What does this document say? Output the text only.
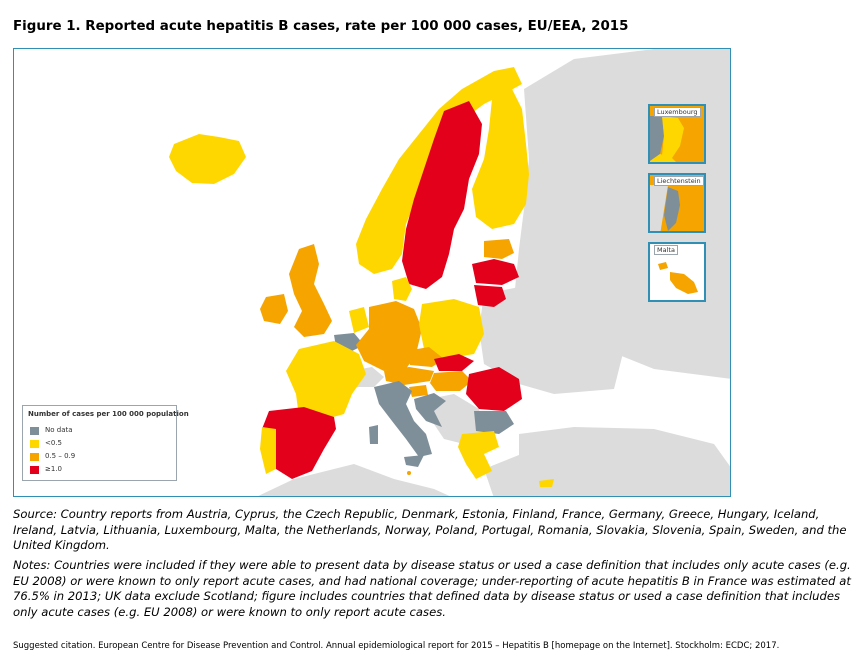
Figure 1. Reported acute hepatitis B cases, rate per 100 000 cases, EU/EEA, 2015
Number of cases per 100 000 population
No data
<0.5
0.5 – 0.9
≥1.0
Luxembourg
Liechtenstein
Malta
Source: Country reports from Austria, Cyprus, the Czech Republic, Denmark, Estonia, Finland, France, Germany, Greece, Hungary, Iceland, Ireland, Latvia, Lithuania, Luxembourg, Malta, the Netherlands, Norway, Poland, Portugal, Romania, Slovakia, Slovenia, Spain, Sweden, and the United Kingdom.
Notes: Countries were included if they were able to present data by disease status or used a case definition that includes only acute cases (e.g. EU 2008) or were known to only report acute cases, and had national coverage; under-reporting of acute hepatitis B in France was estimated at 76.5% in 2013; UK data exclude Scotland; figure includes countries that defined data by disease status or used a case definition that includes only acute cases (e.g. EU 2008) or were known to only report acute cases.
Suggested citation. European Centre for Disease Prevention and Control. Annual epidemiological report for 2015 – Hepatitis B [homepage on the Internet]. Stockholm: ECDC; 2017.
